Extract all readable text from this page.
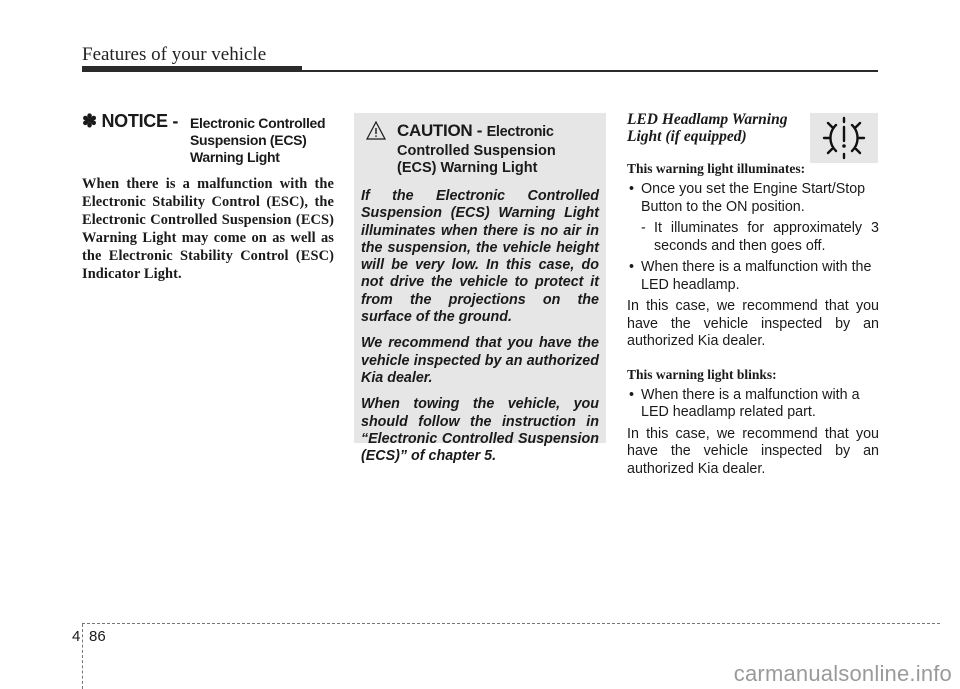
Features of your vehicle
✽ NOTICE - Electronic Controlled
Suspension (ECS)
Warning Light

When there is a malfunction with the Electronic Stability Control (ESC), the Electronic Controlled Suspension (ECS) Warning Light may come on as well as the Electronic Stability Control (ESC) Indicator Light.

CAUTION - Electronic
Controlled Suspension
(ECS) Warning Light

If the Electronic Controlled Suspension (ECS) Warning Light illuminates when there is no air in the suspension, the vehicle height will be very low. In this case, do not drive the vehicle to protect it from the projections on the surface of the ground.

We recommend that you have the vehicle inspected by an authorized Kia dealer.

When towing the vehicle, you should follow the instruction in “Electronic Controlled Suspension (ECS)” of chapter 5.

LED Headlamp Warning
Light (if equipped)

This warning light illuminates:

• Once you set the Engine Start/Stop Button to the ON position.

- It illuminates for approximately 3 seconds and then goes off.

• When there is a malfunction with the LED headlamp.

In this case, we recommend that you have the vehicle inspected by an authorized Kia dealer.

This warning light blinks:

• When there is a malfunction with a LED headlamp related part.

In this case, we recommend that you have the vehicle inspected by an authorized Kia dealer.

4 86
carmanualsonline.info
